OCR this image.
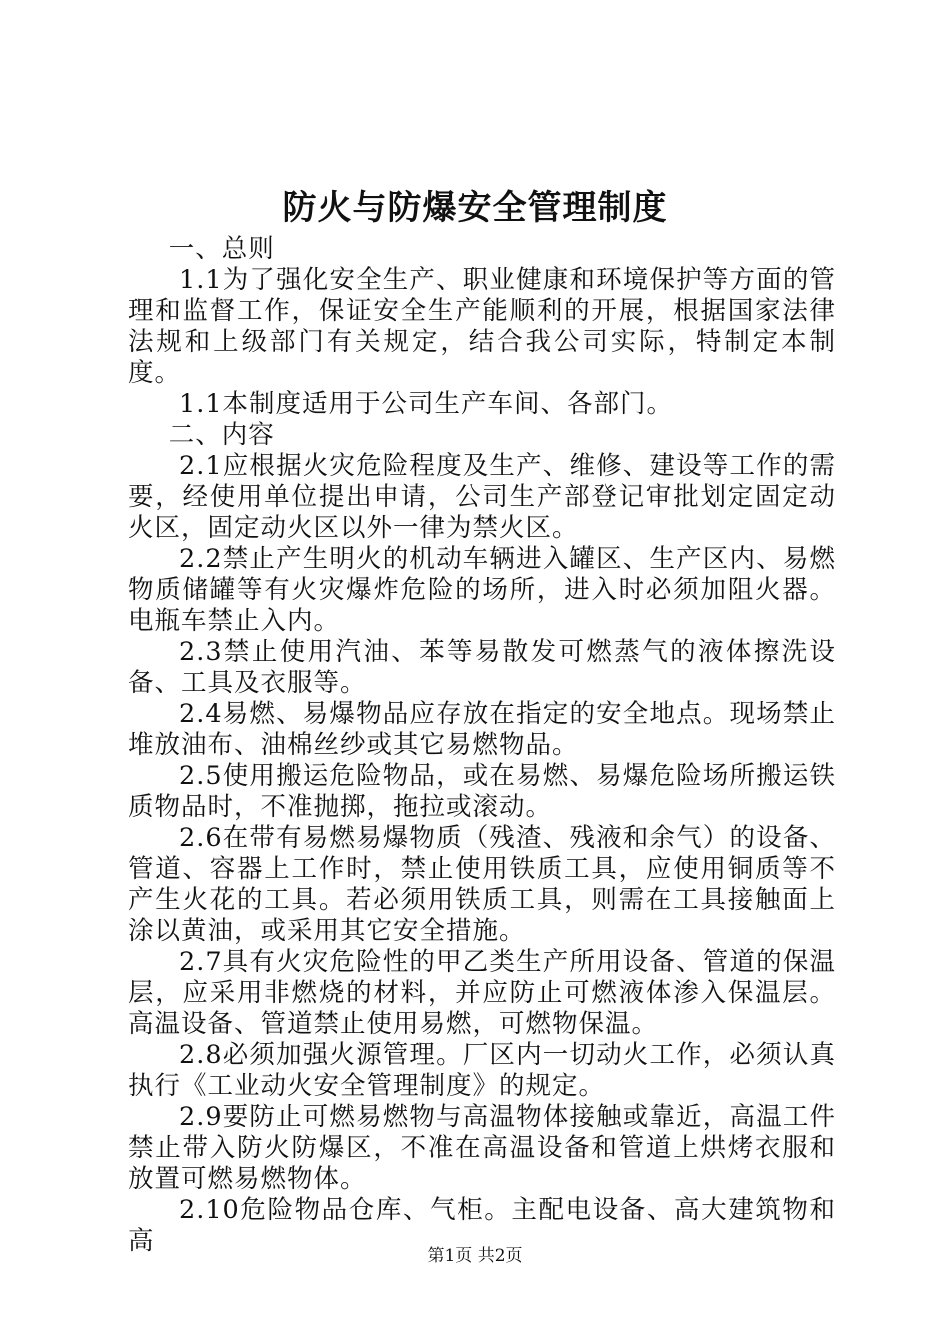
防火与防爆安全管理制度

一、总则

1.1为了强化安全生产、职业健康和环境保护等方面的管理和监督工作，保证安全生产能顺利的开展，根据国家法律法规和上级部门有关规定，结合我公司实际，特制定本制度。

1.1本制度适用于公司生产车间、各部门。

二、内容

2.1应根据火灾危险程度及生产、维修、建设等工作的需要，经使用单位提出申请，公司生产部登记审批划定固定动火区，固定动火区以外一律为禁火区。

2.2禁止产生明火的机动车辆进入罐区、生产区内、易燃物质储罐等有火灾爆炸危险的场所，进入时必须加阻火器。电瓶车禁止入内。

2.3禁止使用汽油、苯等易散发可燃蒸气的液体擦洗设备、工具及衣服等。

2.4易燃、易爆物品应存放在指定的安全地点。现场禁止堆放油布、油棉丝纱或其它易燃物品。

2.5使用搬运危险物品，或在易燃、易爆危险场所搬运铁质物品时，不准抛掷，拖拉或滚动。

2.6在带有易燃易爆物质（残渣、残液和余气）的设备、管道、容器上工作时，禁止使用铁质工具，应使用铜质等不产生火花的工具。若必须用铁质工具，则需在工具接触面上涂以黄油，或采用其它安全措施。

2.7具有火灾危险性的甲乙类生产所用设备、管道的保温层，应采用非燃烧的材料，并应防止可燃液体渗入保温层。高温设备、管道禁止使用易燃，可燃物保温。

2.8必须加强火源管理。厂区内一切动火工作，必须认真执行《工业动火安全管理制度》的规定。

2.9要防止可燃易燃物与高温物体接触或靠近，高温工件禁止带入防火防爆区，不准在高温设备和管道上烘烤衣服和放置可燃易燃物体。

2.10危险物品仓库、气柜。主配电设备、高大建筑物和高	第1页 共2页
